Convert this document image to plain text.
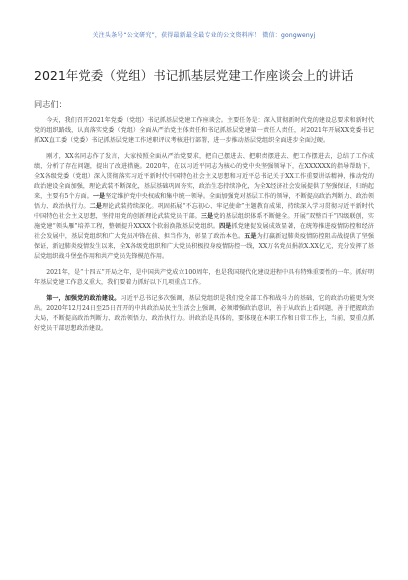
关注头条号“公文研究”，获得最新最全最专业的公文资料库！ 微信：gongwenyj
2021年党委（党组）书记抓基层党建工作座谈会上的讲话
同志们：

今天，我们召开2021年党委（党组）书记抓基层党建工作座谈会。主要任务是：深入贯彻新时代党的建设总要求和新时代党的组织路线，认真落实党委（党组）全面从严治党主体责任和书记抓基层党建第一责任人责任，对2021年开展XX党委书记抓XX直工委（党委）书记抓基层党建工作述职评议考核进行部署，进一步推动基层党组织全面进步全面过硬。

刚才，XX名同志作了发言，大家按照全面从严治党要求，把自己摆进去、把职责摆进去、把工作摆进去，总结了工作成绩，分析了存在问题，提出了改进措施。2020年，在以习近平同志为核心的党中央坚强领导下，在XXXXXX的指导帮助下，全X各级党委（党组）深入贯彻落实习近平新时代中国特色社会主义思想和习近平总书记关于XX工作重要讲话精神，推动党的政治建设全面加强，理论武装不断深化，基层基础巩固夯实，政治生态持续净化，为全X经济社会发展提供了坚强保证，归纳起来，主要有5个方面。一是坚定维护党中央权威和集中统一领导。全面加强党对基层工作的领导，不断提高政治判断力、政治领悟力、政治执行力。二是理论武装持续深化。巩固拓展“不忘初心、牢记使命”主题教育成果，持续深入学习贯彻习近平新时代中国特色社会主义思想，坚持用党的创新理论武装党员干部。三是党的基层组织体系不断健全。开展“双整百千”四级联创，实施党建“领头雁”培养工程，整顿提升XXXX个软弱涣散基层党组织。四是抓党建促发展成效显著，在统筹推进疫情防控和经济社会发展中，基层党组织和广大党员冲锋在前、担当作为，彰显了政治本色。五是为打赢新冠肺炎疫情防控阻击战提供了坚强保证，新冠肺炎疫情发生以来，全X各级党组织和广大党员积极投身疫情防控一线，XX万名党员捐款X.XX亿元，充分发挥了基层党组织战斗堡垒作用和共产党员先锋模范作用。

2021年，是“十四五”开局之年，是中国共产党成立100周年，也是我国现代化建设进程中具有特殊重要性的一年。抓好明年基层党建工作意义重大，我们要着力抓好以下几项重点工作。

第一，加强党的政治建设。习近平总书记多次强调，基层党组织是我们党全部工作和战斗力的基础，它的政治功能更为突出。2020年12月24日至25日召开的中共政治局民主生活会上强调，必须增强政治意识，善于从政治上看问题，善于把握政治大局，不断提高政治判断力、政治领悟力、政治执行力。讲政治是具体的，要体现在本职工作和日常工作上，当前，要重点抓好党员干部思想政治建设。
